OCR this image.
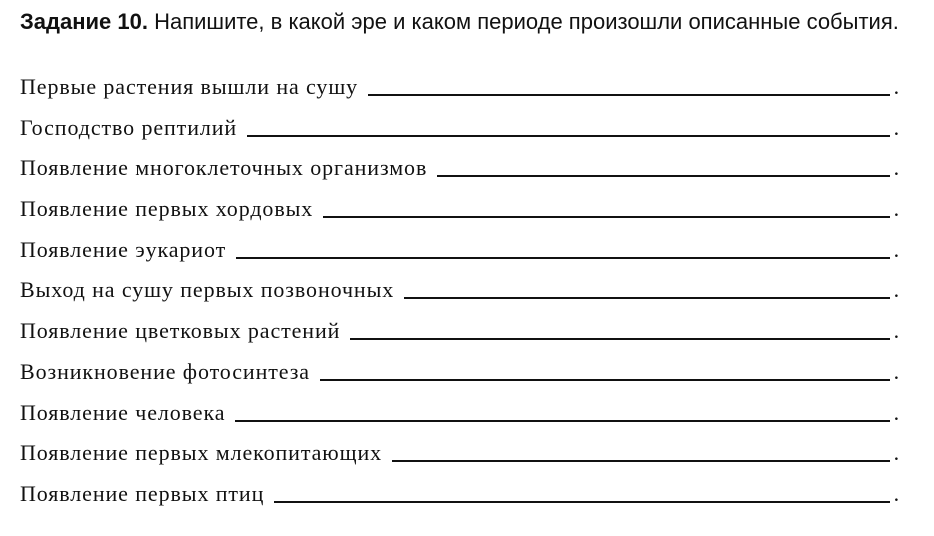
Задание 10. Напишите, в какой эре и каком периоде произошли описанные события.
Первые растения вышли на сушу	.
Господство рептилий	.
Появление многоклеточных организмов	.
Появление первых хордовых	.
Появление эукариот	.
Выход на сушу первых позвоночных	.
Появление цветковых растений	.
Возникновение фотосинтеза	.
Появление человека	.
Появление первых млекопитающих	.
Появление первых птиц	.
